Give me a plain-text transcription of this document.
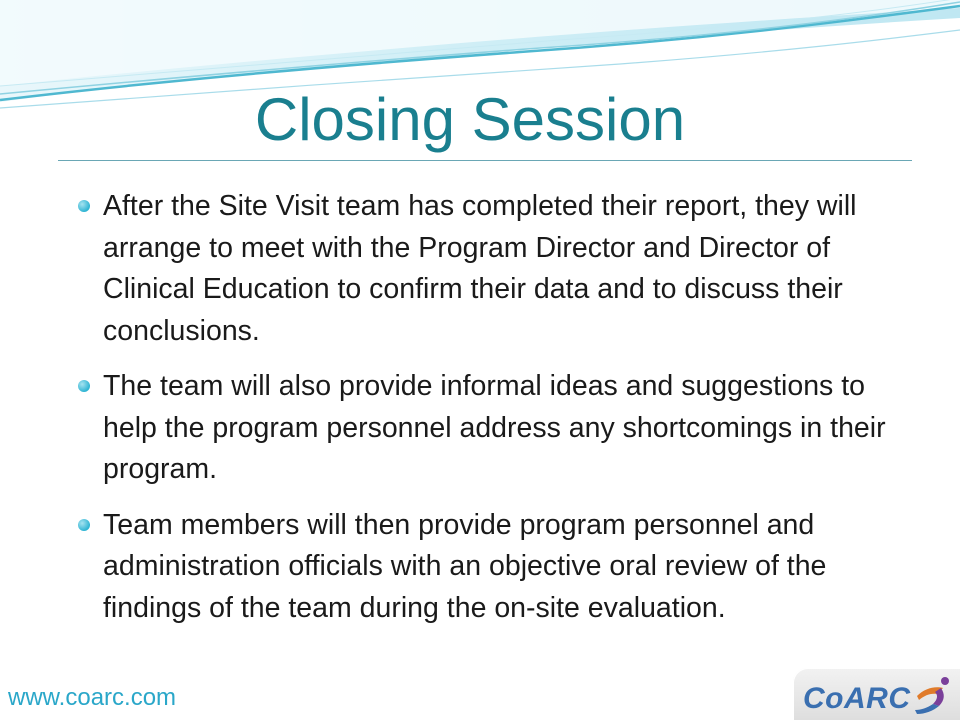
Closing Session
After the Site Visit team has completed their report, they will arrange to meet with the Program Director and Director of Clinical Education to confirm their data and to discuss their conclusions.
The team will also provide informal ideas and suggestions to help the program personnel address any shortcomings in their program.
Team members will then provide program personnel and administration officials with an objective oral review of the findings of the team during the on-site evaluation.
www.coarc.com	CoARC
